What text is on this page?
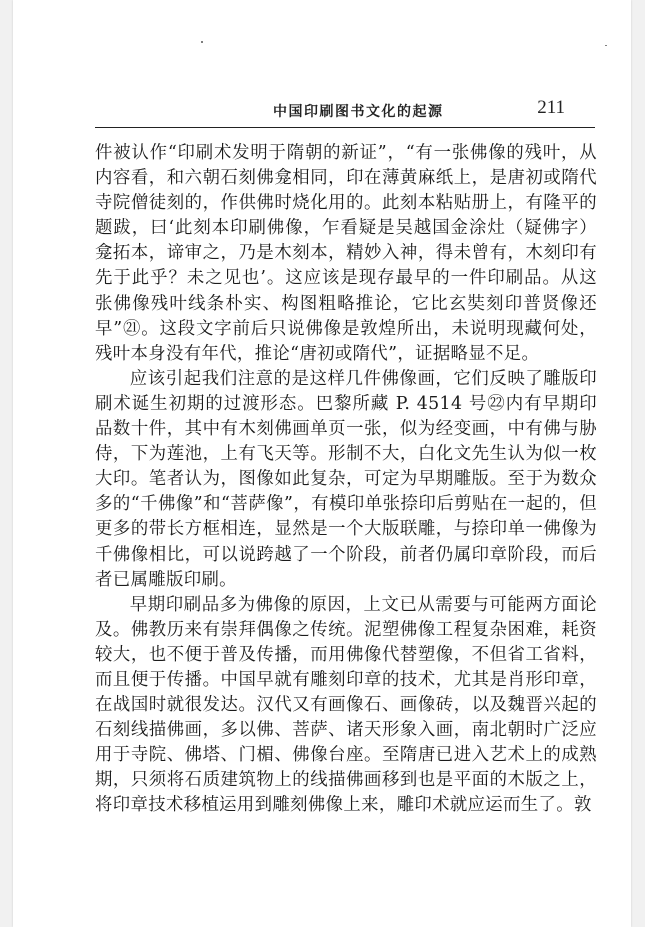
中国印刷图书文化的起源	211

件被认作“印刷术发明于隋朝的新证”，“有一张佛像的残叶，从内容看，和六朝石刻佛龛相同，印在薄黄麻纸上，是唐初或隋代寺院僧徒刻的，作供佛时烧化用的。此刻本粘贴册上，有隆平的题跋，曰‘此刻本印刷佛像，乍看疑是吴越国金涂灶（疑佛字）龛拓本，谛审之，乃是木刻本，精妙入神，得未曾有，木刻印有先于此乎？未之见也’。这应该是现存最早的一件印刷品。从这张佛像残叶线条朴实、构图粗略推论，它比玄奘刻印普贤像还早”㉑。这段文字前后只说佛像是敦煌所出，未说明现藏何处，残叶本身没有年代，推论“唐初或隋代”，证据略显不足。

应该引起我们注意的是这样几件佛像画，它们反映了雕版印刷术诞生初期的过渡形态。巴黎所藏 P. 4514 号㉒内有早期印品数十件，其中有木刻佛画单页一张，似为经变画，中有佛与胁侍，下为莲池，上有飞天等。形制不大，白化文先生认为似一枚大印。笔者认为，图像如此复杂，可定为早期雕版。至于为数众多的“千佛像”和“菩萨像”，有模印单张捺印后剪贴在一起的，但更多的带长方框相连，显然是一个大版联雕，与捺印单一佛像为千佛像相比，可以说跨越了一个阶段，前者仍属印章阶段，而后者已属雕版印刷。

早期印刷品多为佛像的原因，上文已从需要与可能两方面论及。佛教历来有崇拜偶像之传统。泥塑佛像工程复杂困难，耗资较大，也不便于普及传播，而用佛像代替塑像，不但省工省料，而且便于传播。中国早就有雕刻印章的技术，尤其是肖形印章，在战国时就很发达。汉代又有画像石、画像砖，以及魏晋兴起的石刻线描佛画，多以佛、菩萨、诸天形象入画，南北朝时广泛应用于寺院、佛塔、门楣、佛像台座。至隋唐已进入艺术上的成熟期，只须将石质建筑物上的线描佛画移到也是平面的木版之上，将印章技术移植运用到雕刻佛像上来，雕印术就应运而生了。敦
